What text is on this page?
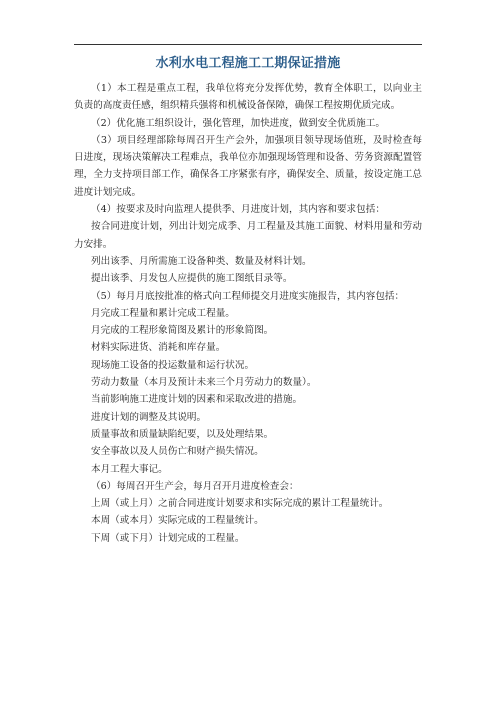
水利水电工程施工工期保证措施

（1）本工程是重点工程，我单位将充分发挥优势，教育全体职工，以向业主负责的高度责任感，组织精兵强将和机械设备保障，确保工程按期优质完成。

（2）优化施工组织设计，强化管理，加快进度，做到安全优质施工。

（3）项目经理部除每周召开生产会外，加强项目领导现场值班，及时检查每日进度，现场决策解决工程难点，我单位亦加强现场管理和设备、劳务资源配置管理，全力支持项目部工作，确保各工序紧张有序，确保安全、质量，按设定施工总进度计划完成。

（4）按要求及时向监理人提供季、月进度计划，其内容和要求包括：

按合同进度计划，列出计划完成季、月工程量及其施工面貌、材料用量和劳动力安排。

列出该季、月所需施工设备种类、数量及材料计划。

提出该季、月发包人应提供的施工图纸目录等。

（5）每月月底按批准的格式向工程师提交月进度实施报告，其内容包括：

月完成工程量和累计完成工程量。

月完成的工程形象简图及累计的形象简图。

材料实际进货、消耗和库存量。

现场施工设备的投运数量和运行状况。

劳动力数量（本月及预计未来三个月劳动力的数量）。

当前影响施工进度计划的因素和采取改进的措施。

进度计划的调整及其说明。

质量事故和质量缺陷纪要，以及处理结果。

安全事故以及人员伤亡和财产损失情况。

本月工程大事记。

（6）每周召开生产会，每月召开月进度检查会：

上周（或上月）之前合同进度计划要求和实际完成的累计工程量统计。

本周（或本月）实际完成的工程量统计。

下周（或下月）计划完成的工程量。
